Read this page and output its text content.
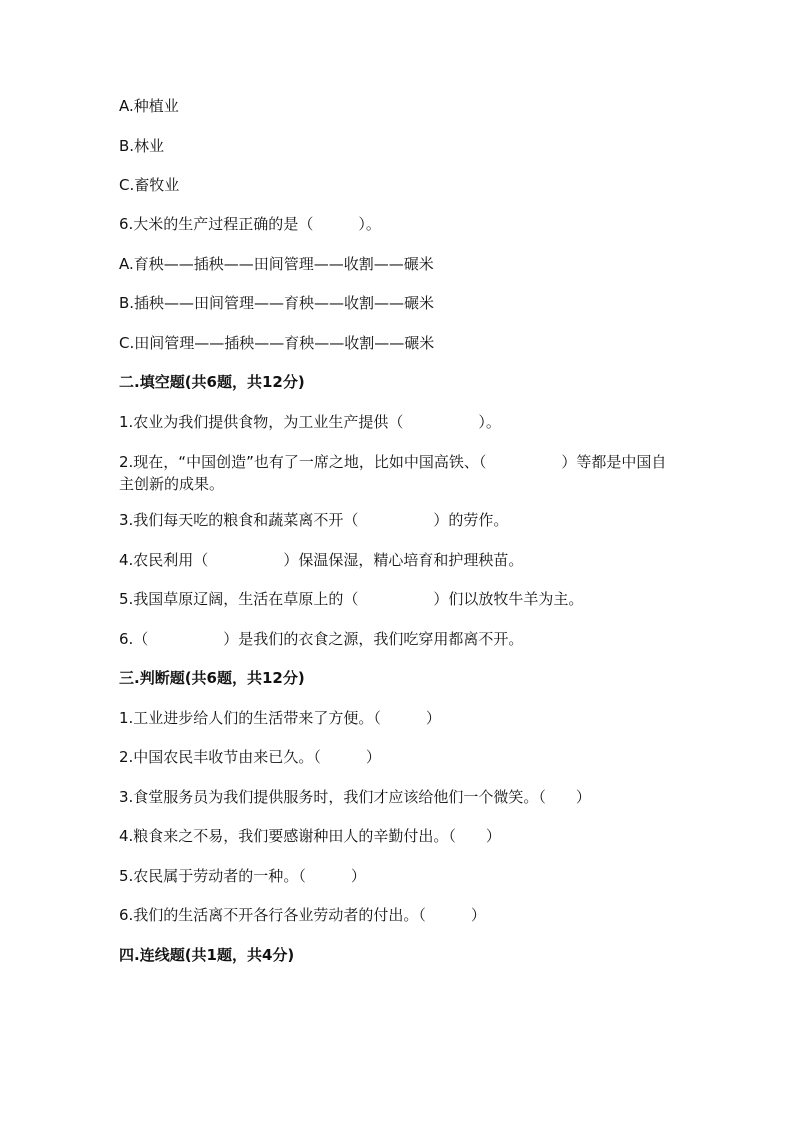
A.种植业
B.林业
C.畜牧业
6.大米的生产过程正确的是（　　　）。
A.育秧——插秧——田间管理——收割——碾米
B.插秧——田间管理——育秧——收割——碾米
C.田间管理——插秧——育秧——收割——碾米
二.填空题(共6题，共12分)
1.农业为我们提供食物，为工业生产提供（　　　　　）。
2.现在，“中国创造”也有了一席之地，比如中国高铁、（　　　　　）等都是中国自主创新的成果。
3.我们每天吃的粮食和蔬菜离不开（　　　　　）的劳作。
4.农民利用（　　　　　）保温保湿，精心培育和护理秧苗。
5.我国草原辽阔，生活在草原上的（　　　　　）们以放牧牛羊为主。
6.（　　　　　）是我们的衣食之源，我们吃穿用都离不开。
三.判断题(共6题，共12分)
1.工业进步给人们的生活带来了方便。（　　　）
2.中国农民丰收节由来已久。（　　　）
3.食堂服务员为我们提供服务时，我们才应该给他们一个微笑。（　　）
4.粮食来之不易，我们要感谢种田人的辛勤付出。（　　）
5.农民属于劳动者的一种。（　　　）
6.我们的生活离不开各行各业劳动者的付出。（　　　）
四.连线题(共1题，共4分)
